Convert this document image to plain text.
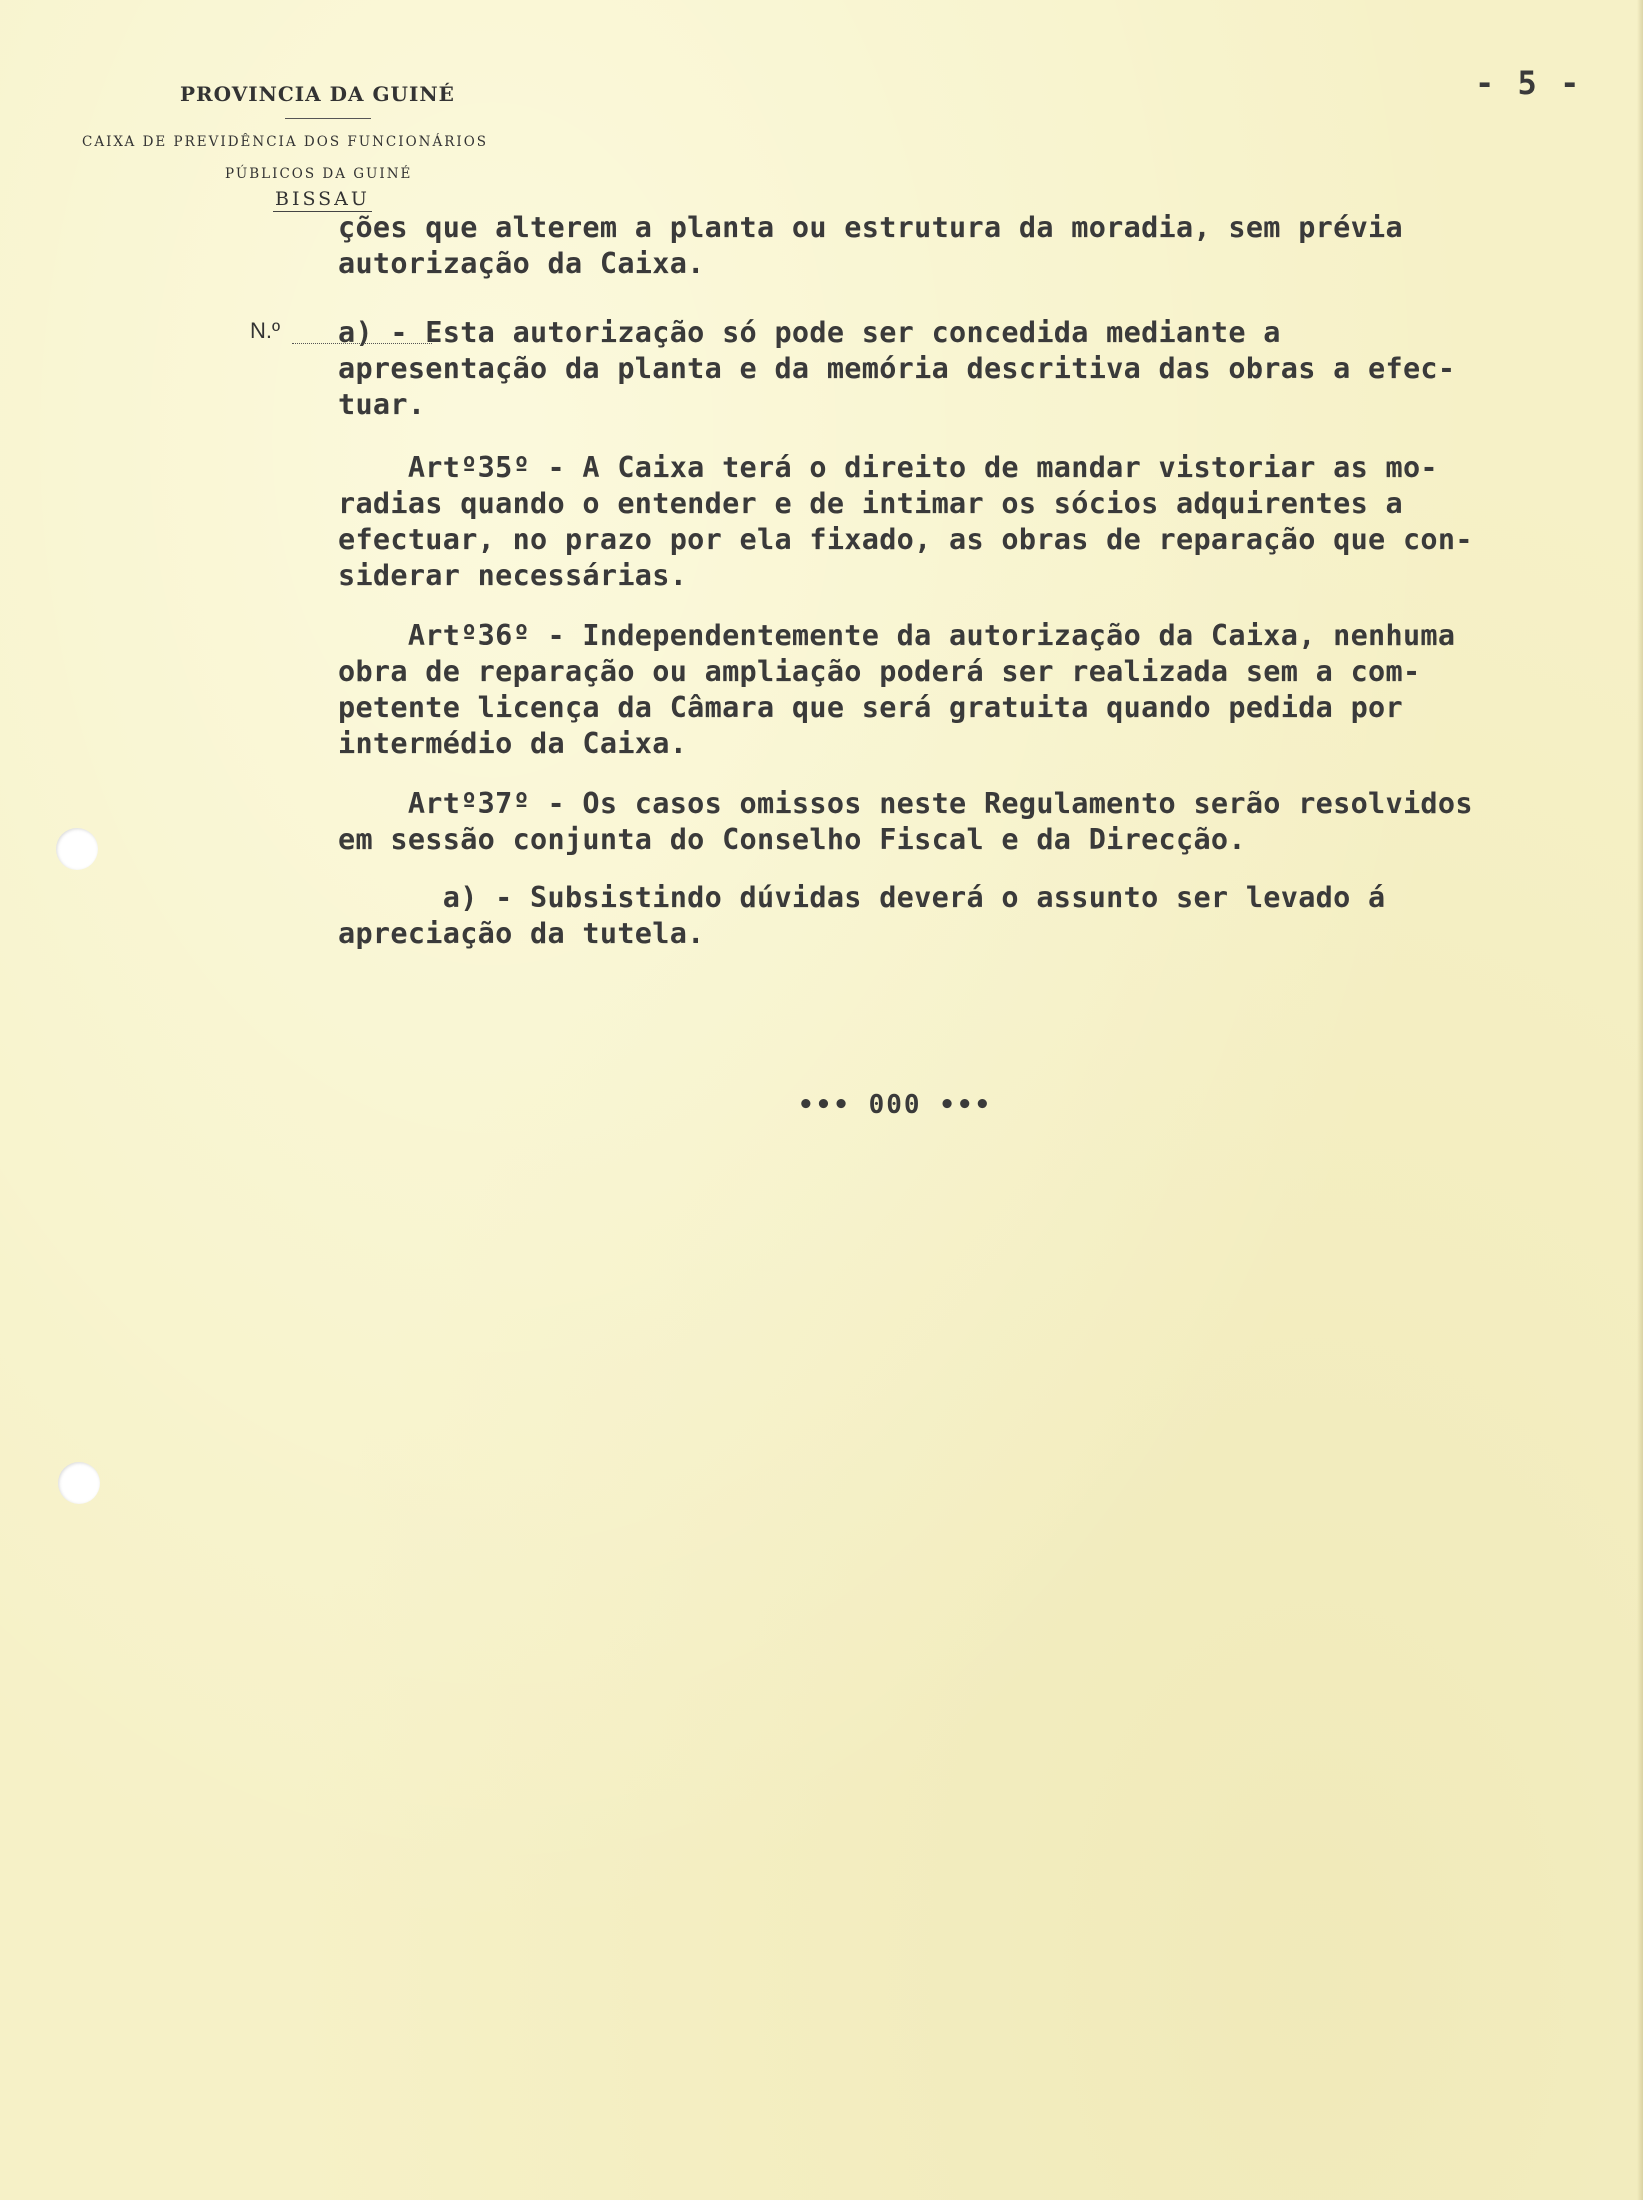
PROVINCIA DA GUINÉ
CAIXA DE PREVIDÊNCIA DOS FUNCIONÁRIOS
PÚBLICOS DA GUINÉ
BISSAU
- 5 -
N.º
ções que alterem a planta ou estrutura da moradia, sem prévia
autorização da Caixa.
a) - Esta autorização só pode ser concedida mediante a
apresentação da planta e da memória descritiva das obras a efec-
tuar.
Artº35º - A Caixa terá o direito de mandar vistoriar as mo-
radias quando o entender e de intimar os sócios adquirentes a
efectuar, no prazo por ela fixado, as obras de reparação que con-
siderar necessárias.
Artº36º - Independentemente da autorização da Caixa, nenhuma
obra de reparação ou ampliação poderá ser realizada sem a com-
petente licença da Câmara que será gratuita quando pedida por
intermédio da Caixa.
Artº37º - Os casos omissos neste Regulamento serão resolvidos
em sessão conjunta do Conselho Fiscal e da Direcção.
a) - Subsistindo dúvidas deverá o assunto ser levado á
apreciação da tutela.
••• 000 •••
